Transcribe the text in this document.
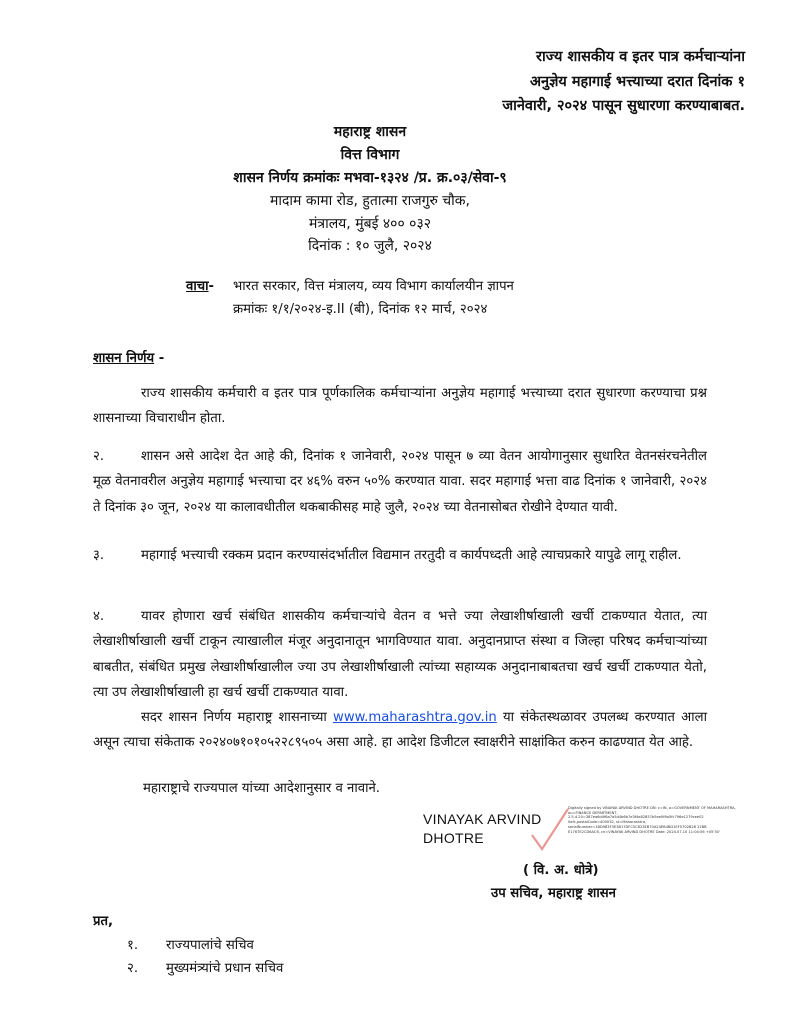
राज्य शासकीय व इतर पात्र कर्मचाऱ्यांना
अनुज्ञेय महागाई भत्त्याच्या दरात दिनांक १
जानेवारी, २०२४ पासून सुधारणा करण्याबाबत.
महाराष्ट्र शासन
वित्त विभाग
शासन निर्णय क्रमांकः मभवा-१३२४ /प्र. क्र.०३/सेवा-९
मादाम कामा रोड, हुतात्मा राजगुरु चौक,
मंत्रालय, मुंबई ४०० ०३२
दिनांक : १० जुलै, २०२४
वाचा- भारत सरकार, वित्त मंत्रालय, व्यय विभाग कार्यालयीन ज्ञापन
क्रमांकः १/१/२०२४-इ.II (बी), दिनांक १२ मार्च, २०२४
शासन निर्णय -
राज्य शासकीय कर्मचारी व इतर पात्र पूर्णकालिक कर्मचाऱ्यांना अनुज्ञेय महागाई भत्त्याच्या दरात सुधारणा करण्याचा प्रश्न शासनाच्या विचाराधीन होता.
२.	शासन असे आदेश देत आहे की, दिनांक १ जानेवारी, २०२४ पासून ७ व्या वेतन आयोगानुसार सुधारित वेतनसंरचनेतील मूळ वेतनावरील अनुज्ञेय महागाई भत्त्याचा दर ४६% वरुन ५०% करण्यात यावा. सदर महागाई भत्ता वाढ दिनांक १ जानेवारी, २०२४ ते दिनांक ३० जून, २०२४ या कालावधीतील थकबाकीसह माहे जुलै, २०२४ च्या वेतनासोबत रोखीने देण्यात यावी.
३.	महागाई भत्त्याची रक्कम प्रदान करण्यासंदर्भातील विद्यमान तरतुदी व कार्यपध्दती आहे त्याचप्रकारे यापुढे लागू राहील.
४.	यावर होणारा खर्च संबंधित शासकीय कर्मचाऱ्यांचे वेतन व भत्ते ज्या लेखाशीर्षाखाली खर्ची टाकण्यात येतात, त्या लेखाशीर्षाखाली खर्ची टाकून त्याखालील मंजूर अनुदानातून भागविण्यात यावा. अनुदानप्राप्त संस्था व जिल्हा परिषद कर्मचाऱ्यांच्या बाबतीत, संबंधित प्रमुख लेखाशीर्षाखालील ज्या उप लेखाशीर्षाखाली त्यांच्या सहाय्यक अनुदानाबाबतचा खर्च खर्ची टाकण्यात येतो, त्या उप लेखाशीर्षाखाली हा खर्च खर्ची टाकण्यात यावा.
सदर शासन निर्णय महाराष्ट्र शासनाच्या www.maharashtra.gov.in या संकेतस्थळावर उपलब्ध करण्यात आला असून त्याचा संकेताक २०२४०७१०१०५२२८९५०५ असा आहे. हा आदेश डिजीटल स्वाक्षरीने साक्षांकित करुन काढण्यात येत आहे.
महाराष्ट्राचे राज्यपाल यांच्या आदेशानुसार व नावाने.
VINAYAK ARVIND
DHOTRE
Digitally signed by VINAYAK ARVIND DHOTRE DN: c=IN, o=GOVERNMENT OF MAHARASHTRA, ou=FINANCE DEPARTMENT, 2.5.4.20=387ea6d4f6a7a5d4b6b7e3f4e82857b5ee0f6a5fc796e1279cee02 0efc,postalCode=400032, st=Maharashtra, serialNumber=1BD983F3E3B17DFC5C823EB70A24EB4BD1EF5702B28 22BB E1767E2CD6AC6, cn=VINAYAK ARVIND DHOTRE Date: 2024.07.10 11:04:56 +05'30'
( वि. अ. धोत्रे)
उप सचिव, महाराष्ट्र शासन
प्रत,
१. राज्यपालांचे सचिव
२. मुख्यमंत्र्यांचे प्रधान सचिव
